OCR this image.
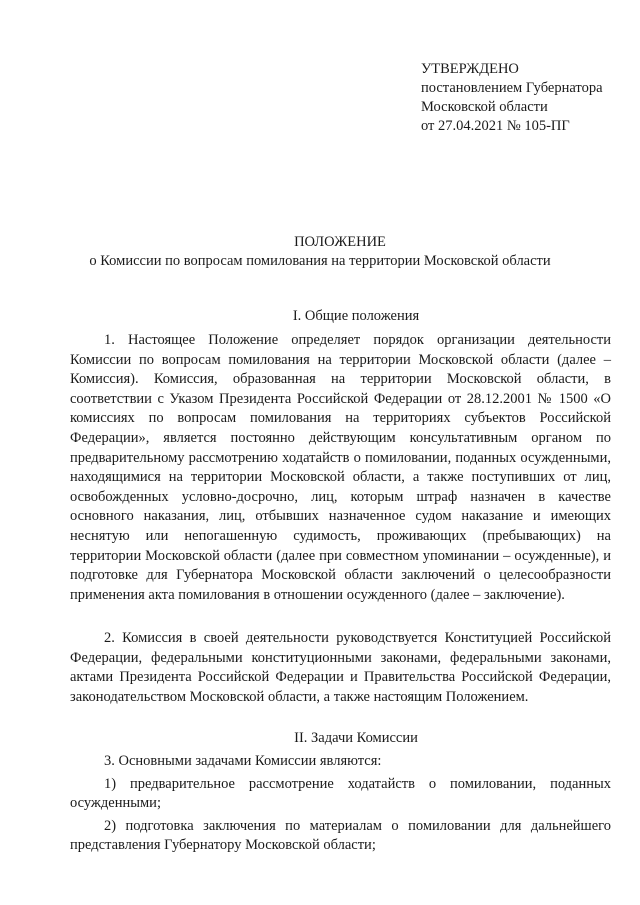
УТВЕРЖДЕНО
постановлением Губернатора
Московской области
от 27.04.2021 № 105-ПГ
ПОЛОЖЕНИЕ
о Комиссии по вопросам помилования на территории Московской области
I. Общие положения

1. Настоящее Положение определяет порядок организации деятельности Комиссии по вопросам помилования на территории Московской области (далее – Комиссия). Комиссия, образованная на территории Московской области, в соответствии с Указом Президента Российской Федерации от 28.12.2001 № 1500 «О комиссиях по вопросам помилования на территориях субъектов Российской Федерации», является постоянно действующим консультативным органом по предварительному рассмотрению ходатайств о помиловании, поданных осужденными, находящимися на территории Московской области, а также поступивших от лиц, освобожденных условно-досрочно, лиц, которым штраф назначен в качестве основного наказания, лиц, отбывших назначенное судом наказание и имеющих неснятую или непогашенную судимость, проживающих (пребывающих) на территории Московской области (далее при совместном упоминании – осужденные), и подготовке для Губернатора Московской области заключений о целесообразности применения акта помилования в отношении осужденного (далее – заключение).

2. Комиссия в своей деятельности руководствуется Конституцией Российской Федерации, федеральными конституционными законами, федеральными законами, актами Президента Российской Федерации и Правительства Российской Федерации, законодательством Московской области, а также настоящим Положением.

II. Задачи Комиссии

3. Основными задачами Комиссии являются:

1) предварительное рассмотрение ходатайств о помиловании, поданных осужденными;

2) подготовка заключения по материалам о помиловании для дальнейшего представления Губернатору Московской области;
